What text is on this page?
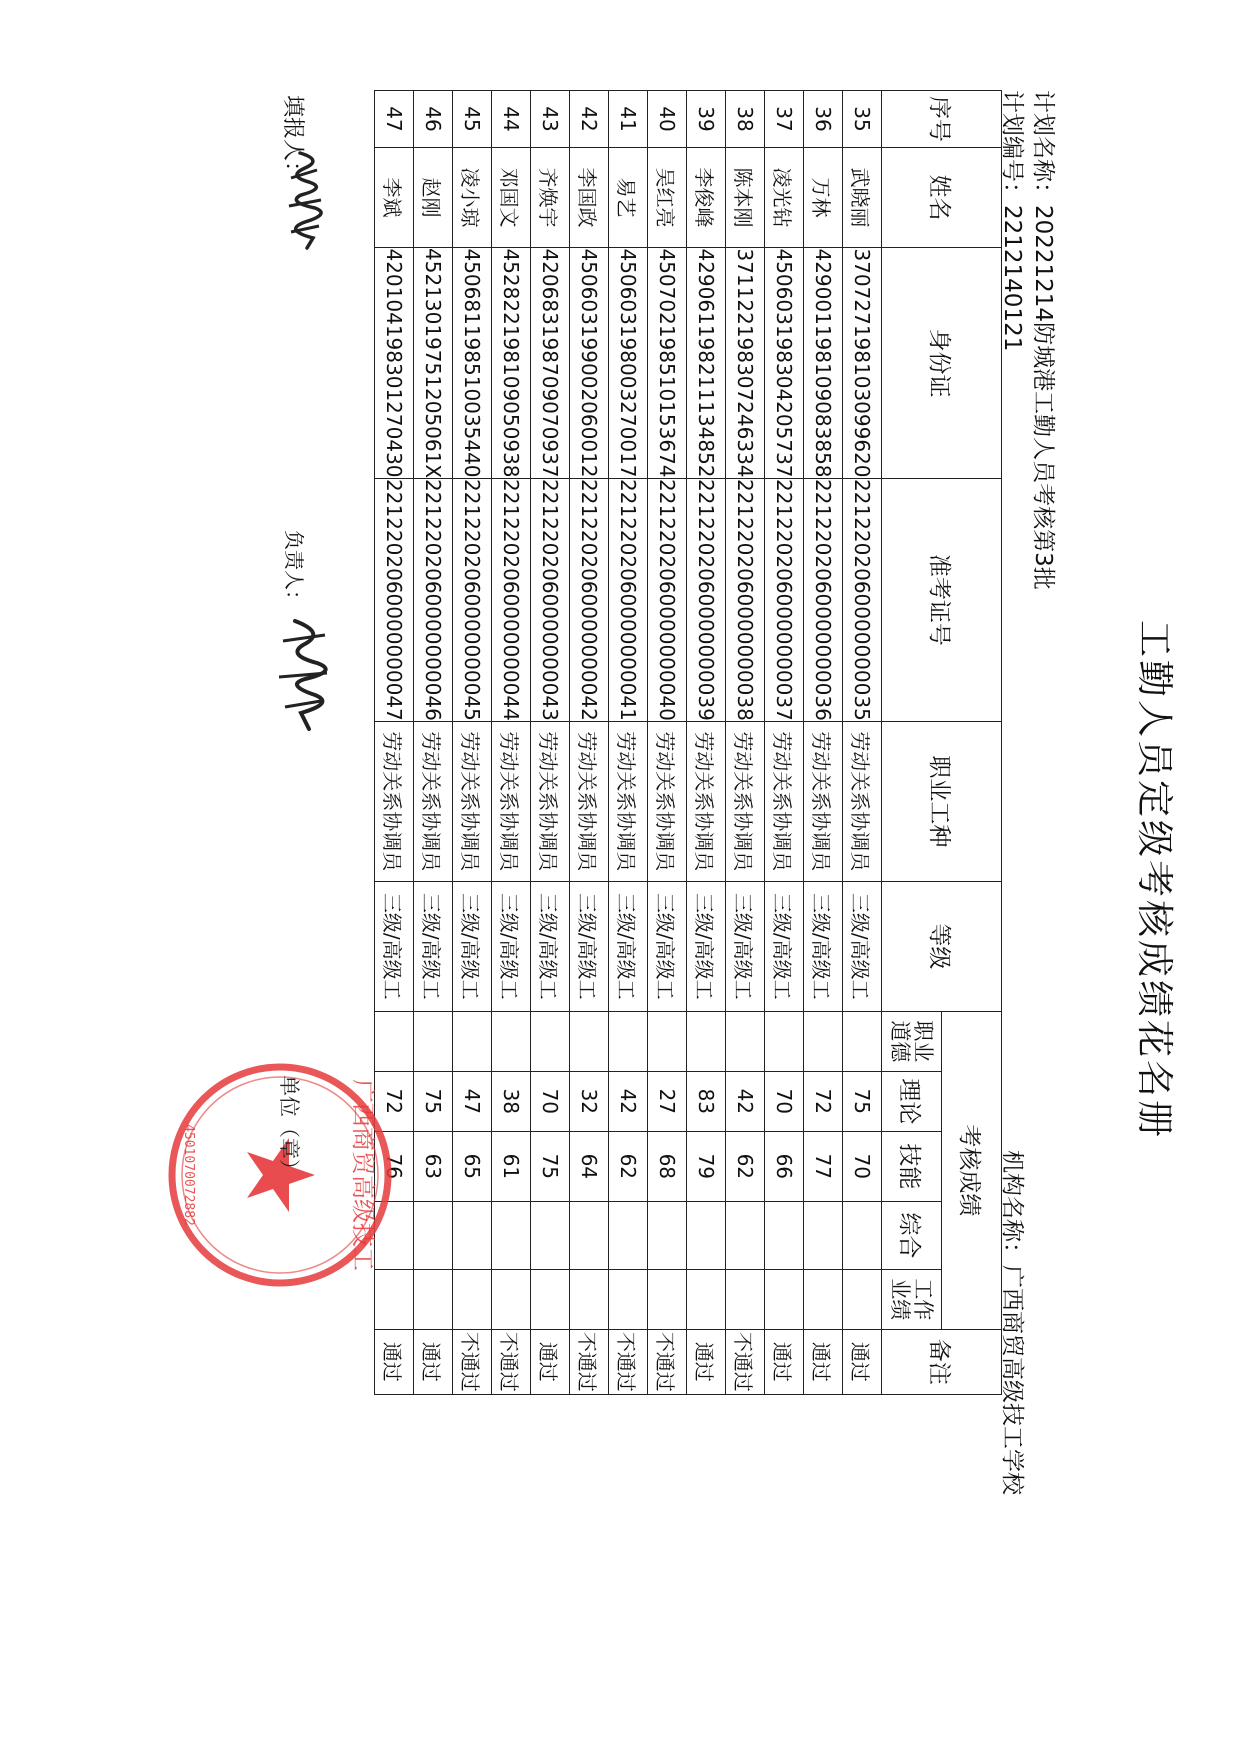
工勤人员定级考核成绩花名册
计划名称：20221214防城港工勤人员考核第3批
计划编号：2212140121
机构名称：广西商贸高级技工学校
序号	姓名	身份证	准考证号	职业工种	等级	考核成绩					备注
						职业
道德	理论	技能	综合	工作
业绩	
35	武晓丽	370727198103099620	2212202060000000035	劳动关系协调员	三级/高级工		75	70			通过
36	万林	429001198109083858	2212202060000000036	劳动关系协调员	三级/高级工		72	77			通过
37	凌光钻	450603198304205737	2212202060000000037	劳动关系协调员	三级/高级工		70	66			通过
38	陈本刚	371122198307246334	2212202060000000038	劳动关系协调员	三级/高级工		42	62			不通过
39	李俊峰	429061198211134852	2212202060000000039	劳动关系协调员	三级/高级工		83	79			通过
40	吴红亮	450702198510153674	2212202060000000040	劳动关系协调员	三级/高级工		27	68			不通过
41	易艺	450603198003270017	2212202060000000041	劳动关系协调员	三级/高级工		42	62			不通过
42	李国政	450603199002060012	2212202060000000042	劳动关系协调员	三级/高级工		32	64			不通过
43	齐焕宇	420683198709070937	2212202060000000043	劳动关系协调员	三级/高级工		70	75			通过
44	邓国文	452822198109050938	2212202060000000044	劳动关系协调员	三级/高级工		38	61			不通过
45	凌小琼	450681198510035440	2212202060000000045	劳动关系协调员	三级/高级工		47	65			不通过
46	赵刚	45213019751205061X	2212202060000000046	劳动关系协调员	三级/高级工		75	63			通过
47	李斌	420104198301270430	2212202060000000047	劳动关系协调员	三级/高级工		72	76			通过
填报人：
负责人：
广西商贸高级技工
4501070072882	单位（章）
